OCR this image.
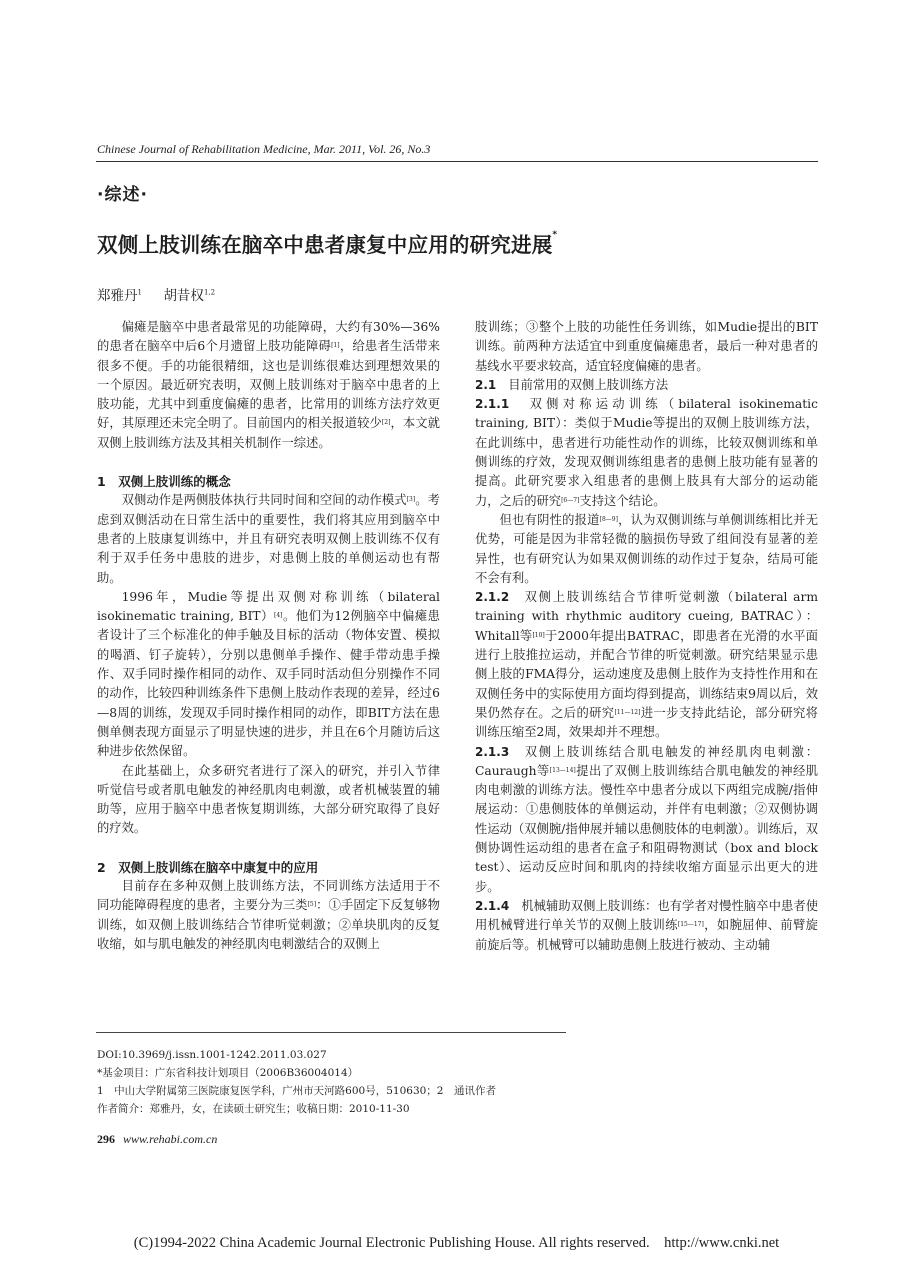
Chinese Journal of Rehabilitation Medicine, Mar. 2011, Vol. 26, No.3
·综述·
双侧上肢训练在脑卒中患者康复中应用的研究进展*
郑雅丹$^1$ 胡昔权$^{1,2}$

偏瘫是脑卒中患者最常见的功能障碍，大约有30%—36%的患者在脑卒中后6个月遗留上肢功能障碍[1]，给患者生活带来很多不便。手的功能很精细，这也是训练很难达到理想效果的一个原因。最近研究表明，双侧上肢训练对于脑卒中患者的上肢功能，尤其中到重度偏瘫的患者，比常用的训练方法疗效更好，其原理还未完全明了。目前国内的相关报道较少[2]，本文就双侧上肢训练方法及其相关机制作一综述。

1　双侧上肢训练的概念

双侧动作是两侧肢体执行共同时间和空间的动作模式[3]。考虑到双侧活动在日常生活中的重要性，我们将其应用到脑卒中患者的上肢康复训练中，并且有研究表明双侧上肢训练不仅有利于双手任务中患肢的进步，对患侧上肢的单侧运动也有帮助。

1996年，Mudie等提出双侧对称训练（bilateral isokinematic training, BIT）[4]。他们为12例脑卒中偏瘫患者设计了三个标准化的伸手触及目标的活动（物体安置、模拟的喝酒、钉子旋转），分别以患侧单手操作、健手带动患手操作、双手同时操作相同的动作、双手同时活动但分别操作不同的动作，比较四种训练条件下患侧上肢动作表现的差异，经过6—8周的训练，发现双手同时操作相同的动作，即BIT方法在患侧单侧表现方面显示了明显快速的进步，并且在6个月随访后这种进步依然保留。

在此基础上，众多研究者进行了深入的研究，并引入节律听觉信号或者肌电触发的神经肌肉电刺激，或者机械装置的辅助等，应用于脑卒中患者恢复期训练，大部分研究取得了良好的疗效。

2　双侧上肢训练在脑卒中康复中的应用

目前存在多种双侧上肢训练方法，不同训练方法适用于不同功能障碍程度的患者，主要分为三类[5]：①手固定下反复够物训练，如双侧上肢训练结合节律听觉刺激；②单块肌肉的反复收缩，如与肌电触发的神经肌肉电刺激结合的双侧上

肢训练；③整个上肢的功能性任务训练，如Mudie提出的BIT训练。前两种方法适宜中到重度偏瘫患者，最后一种对患者的基线水平要求较高，适宜轻度偏瘫的患者。

2.1　目前常用的双侧上肢训练方法

2.1.1　双侧对称运动训练（bilateral isokinematic training, BIT）：类似于Mudie等提出的双侧上肢训练方法，在此训练中，患者进行功能性动作的训练，比较双侧训练和单侧训练的疗效，发现双侧训练组患者的患侧上肢功能有显著的提高。此研究要求入组患者的患侧上肢具有大部分的运动能力，之后的研究[6—7]支持这个结论。

但也有阴性的报道[8—9]，认为双侧训练与单侧训练相比并无优势，可能是因为非常轻微的脑损伤导致了组间没有显著的差异性，也有研究认为如果双侧训练的动作过于复杂，结局可能不会有利。

2.1.2　双侧上肢训练结合节律听觉刺激（bilateral arm training with rhythmic auditory cueing, BATRAC）：Whitall等[10]于2000年提出BATRAC，即患者在光滑的水平面进行上肢推拉运动，并配合节律的听觉刺激。研究结果显示患侧上肢的FMA得分，运动速度及患侧上肢作为支持性作用和在双侧任务中的实际使用方面均得到提高，训练结束9周以后，效果仍然存在。之后的研究[11—12]进一步支持此结论，部分研究将训练压缩至2周，效果却并不理想。

2.1.3　双侧上肢训练结合肌电触发的神经肌肉电刺激：Cauraugh等[13—14]提出了双侧上肢训练结合肌电触发的神经肌肉电刺激的训练方法。慢性卒中患者分成以下两组完成腕/指伸展运动：①患侧肢体的单侧运动，并伴有电刺激；②双侧协调性运动（双侧腕/指伸展并辅以患侧肢体的电刺激）。训练后，双侧协调性运动组的患者在盒子和阻碍物测试（box and block test）、运动反应时间和肌肉的持续收缩方面显示出更大的进步。

2.1.4　机械辅助双侧上肢训练：也有学者对慢性脑卒中患者使用机械臂进行单关节的双侧上肢训练[15—17]，如腕屈伸、前臂旋前旋后等。机械臂可以辅助患侧上肢进行被动、主动辅

DOI:10.3969/j.issn.1001-1242.2011.03.027
*基金项目：广东省科技计划项目（2006B36004014）
1　中山大学附属第三医院康复医学科，广州市天河路600号，510630；2　通讯作者
作者简介：郑雅丹，女，在读硕士研究生；收稿日期：2010-11-30
296 www.rehabi.com.cn
(C)1994-2022 China Academic Journal Electronic Publishing House. All rights reserved.    http://www.cnki.net
